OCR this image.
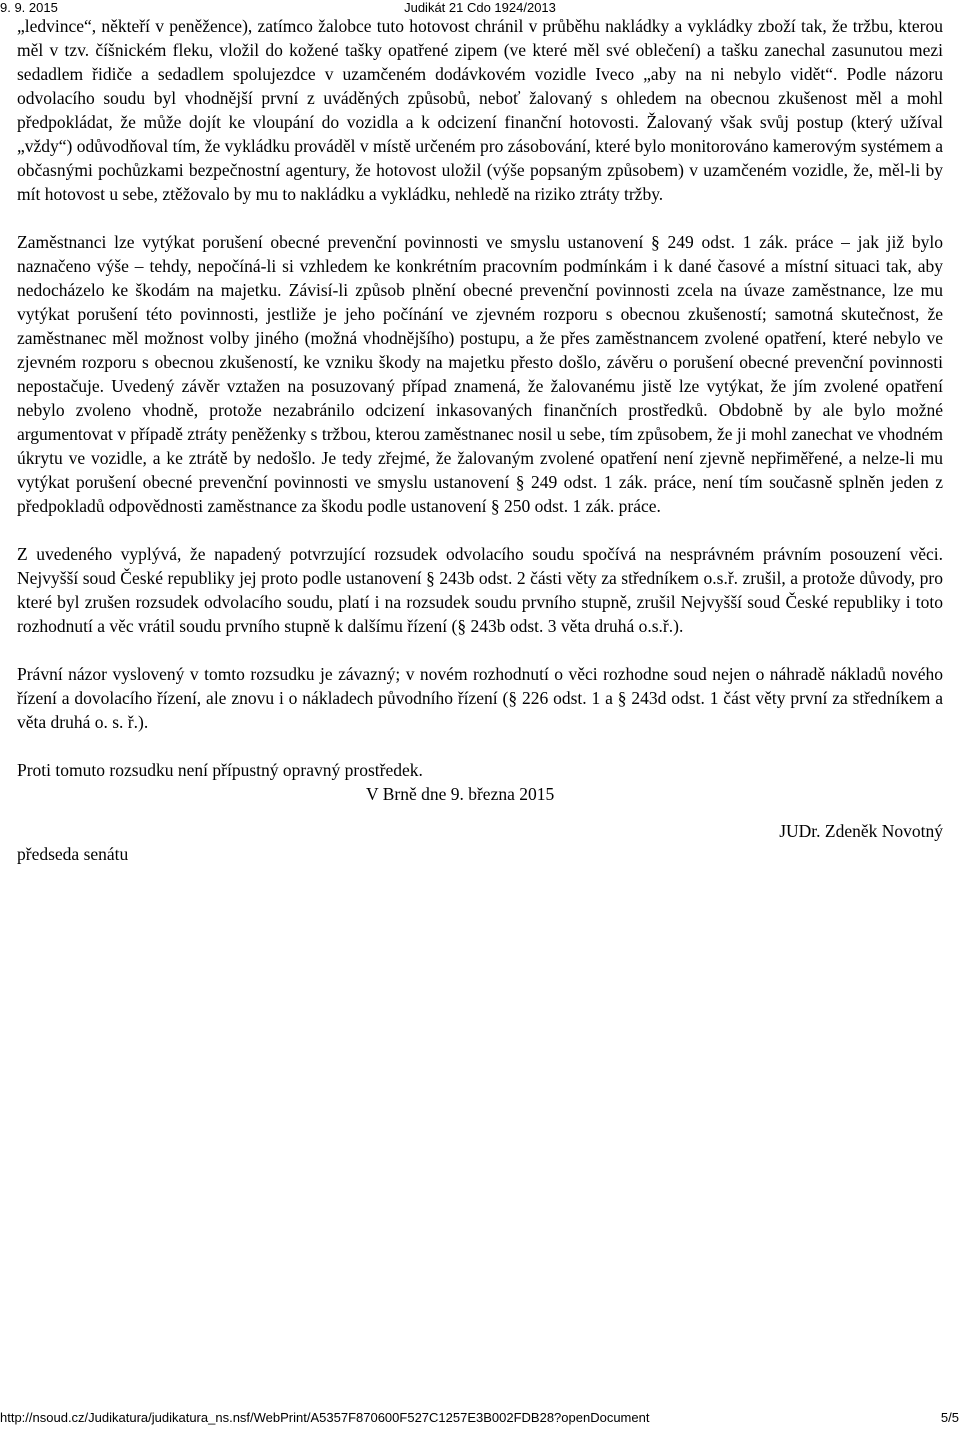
9. 9. 2015	Judikát 21 Cdo 1924/2013

„ledvince“, někteří v peněžence), zatímco žalobce tuto hotovost chránil v průběhu nakládky a vykládky zboží tak, že tržbu, kterou měl v tzv. číšnickém fleku, vložil do kožené tašky opatřené zipem (ve které měl své oblečení) a tašku zanechal zasunutou mezi sedadlem řidiče a sedadlem spolujezdce v uzamčeném dodávkovém vozidle Iveco „aby na ni nebylo vidět“. Podle názoru odvolacího soudu byl vhodnější první z uváděných způsobů, neboť žalovaný s ohledem na obecnou zkušenost měl a mohl předpokládat, že může dojít ke vloupání do vozidla a k odcizení finanční hotovosti. Žalovaný však svůj postup (který užíval „vždy“) odůvodňoval tím, že vykládku prováděl v místě určeném pro zásobování, které bylo monitorováno kamerovým systémem a občasnými pochůzkami bezpečnostní agentury, že hotovost uložil (výše popsaným způsobem) v uzamčeném vozidle, že, měl-li by mít hotovost u sebe, ztěžovalo by mu to nakládku a vykládku, nehledě na riziko ztráty tržby.

Zaměstnanci lze vytýkat porušení obecné prevenční povinnosti ve smyslu ustanovení § 249 odst. 1 zák. práce – jak již bylo naznačeno výše – tehdy, nepočíná-li si vzhledem ke konkrétním pracovním podmínkám i k dané časové a místní situaci tak, aby nedocházelo ke škodám na majetku. Závisí-li způsob plnění obecné prevenční povinnosti zcela na úvaze zaměstnance, lze mu vytýkat porušení této povinnosti, jestliže je jeho počínání ve zjevném rozporu s obecnou zkušeností; samotná skutečnost, že zaměstnanec měl možnost volby jiného (možná vhodnějšího) postupu, a že přes zaměstnancem zvolené opatření, které nebylo ve zjevném rozporu s obecnou zkušeností, ke vzniku škody na majetku přesto došlo, závěru o porušení obecné prevenční povinnosti nepostačuje. Uvedený závěr vztažen na posuzovaný případ znamená, že žalovanému jistě lze vytýkat, že jím zvolené opatření nebylo zvoleno vhodně, protože nezabránilo odcizení inkasovaných finančních prostředků. Obdobně by ale bylo možné argumentovat v případě ztráty peněženky s tržbou, kterou zaměstnanec nosil u sebe, tím způsobem, že ji mohl zanechat ve vhodném úkrytu ve vozidle, a ke ztrátě by nedošlo. Je tedy zřejmé, že žalovaným zvolené opatření není zjevně nepřiměřené, a nelze-li mu vytýkat porušení obecné prevenční povinnosti ve smyslu ustanovení § 249 odst. 1 zák. práce, není tím současně splněn jeden z předpokladů odpovědnosti zaměstnance za škodu podle ustanovení § 250 odst. 1 zák. práce.

Z uvedeného vyplývá, že napadený potvrzující rozsudek odvolacího soudu spočívá na nesprávném právním posouzení věci. Nejvyšší soud České republiky jej proto podle ustanovení § 243b odst. 2 části věty za středníkem o.s.ř. zrušil, a protože důvody, pro které byl zrušen rozsudek odvolacího soudu, platí i na rozsudek soudu prvního stupně, zrušil Nejvyšší soud České republiky i toto rozhodnutí a věc vrátil soudu prvního stupně k dalšímu řízení (§ 243b odst. 3 věta druhá o.s.ř.).

Právní názor vyslovený v tomto rozsudku je závazný; v novém rozhodnutí o věci rozhodne soud nejen o náhradě nákladů nového řízení a dovolacího řízení, ale znovu i o nákladech původního řízení (§ 226 odst. 1 a § 243d odst. 1 část věty první za středníkem a věta druhá o. s. ř.).

Proti tomuto rozsudku není přípustný opravný prostředek.
V Brně dne 9. března 2015
JUDr. Zdeněk Novotný
předseda senátu
http://nsoud.cz/Judikatura/judikatura_ns.nsf/WebPrint/A5357F870600F527C1257E3B002FDB28?openDocument	5/5
